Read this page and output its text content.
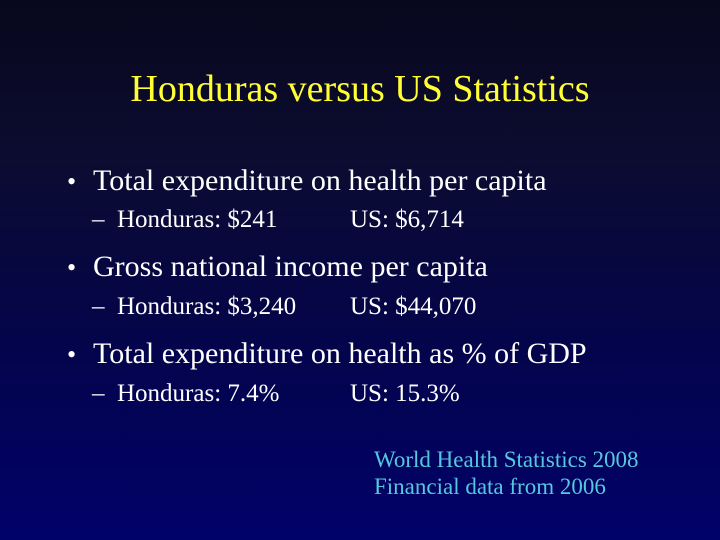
Honduras versus US Statistics
• Total expenditure on health per capita
– Honduras: $241	US: $6,714
• Gross national income per capita
– Honduras: $3,240 US: $44,070
• Total expenditure on health as % of GDP
– Honduras: 7.4%	US: 15.3%
World Health Statistics 2008
Financial data from 2006
